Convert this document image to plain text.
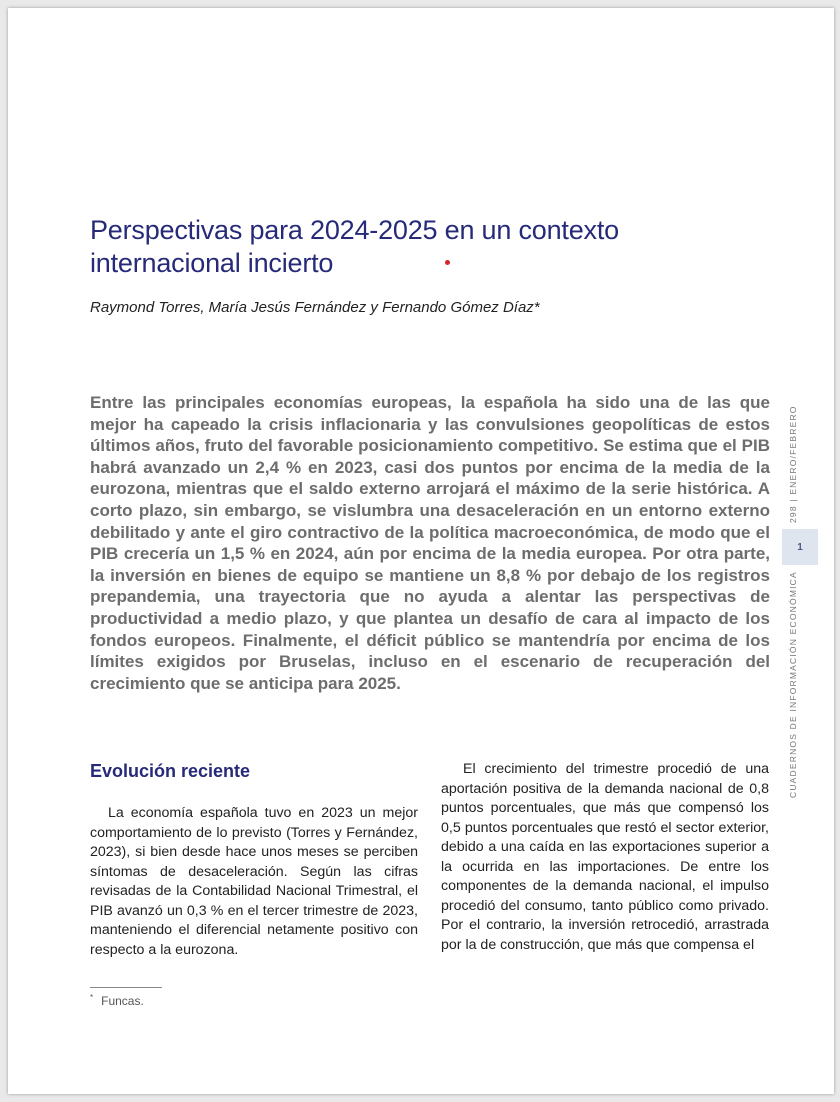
Perspectivas para 2024-2025 en un contexto internacional incierto
Raymond Torres, María Jesús Fernández y Fernando Gómez Díaz*

Entre las principales economías europeas, la española ha sido una de las que mejor ha capeado la crisis inflacionaria y las convulsiones geopolíticas de estos últimos años, fruto del favorable posicionamiento competitivo. Se estima que el PIB habrá avanzado un 2,4 % en 2023, casi dos puntos por encima de la media de la eurozona, mientras que el saldo externo arrojará el máximo de la serie histórica. A corto plazo, sin embargo, se vislumbra una desaceleración en un entorno externo debilitado y ante el giro contractivo de la política macroeconómica, de modo que el PIB crecería un 1,5 % en 2024, aún por encima de la media europea. Por otra parte, la inversión en bienes de equipo se mantiene un 8,8 % por debajo de los registros prepandemia, una trayectoria que no ayuda a alentar las perspectivas de productividad a medio plazo, y que plantea un desafío de cara al impacto de los fondos europeos. Finalmente, el déficit público se mantendría por encima de los límites exigidos por Bruselas, incluso en el escenario de recuperación del crecimiento que se anticipa para 2025.

298 | ENERO/FEBRERO
CUADERNOS DE INFORMACIÓN ECONÓMICA
1
Evolución reciente

La economía española tuvo en 2023 un mejor comportamiento de lo previsto (Torres y Fernández, 2023), si bien desde hace unos meses se perciben síntomas de desaceleración. Según las cifras revisadas de la Contabilidad Nacional Trimestral, el PIB avanzó un 0,3 % en el tercer trimestre de 2023, manteniendo el diferencial netamente positivo con respecto a la eurozona.

El crecimiento del trimestre procedió de una aportación positiva de la demanda nacional de 0,8 puntos porcentuales, que más que compensó los 0,5 puntos porcentuales que restó el sector exterior, debido a una caída en las exportaciones superior a la ocurrida en las importaciones. De entre los componentes de la demanda nacional, el impulso procedió del consumo, tanto público como privado. Por el contrario, la inversión retrocedió, arrastrada por la de construcción, que más que compensa el

* Funcas.
